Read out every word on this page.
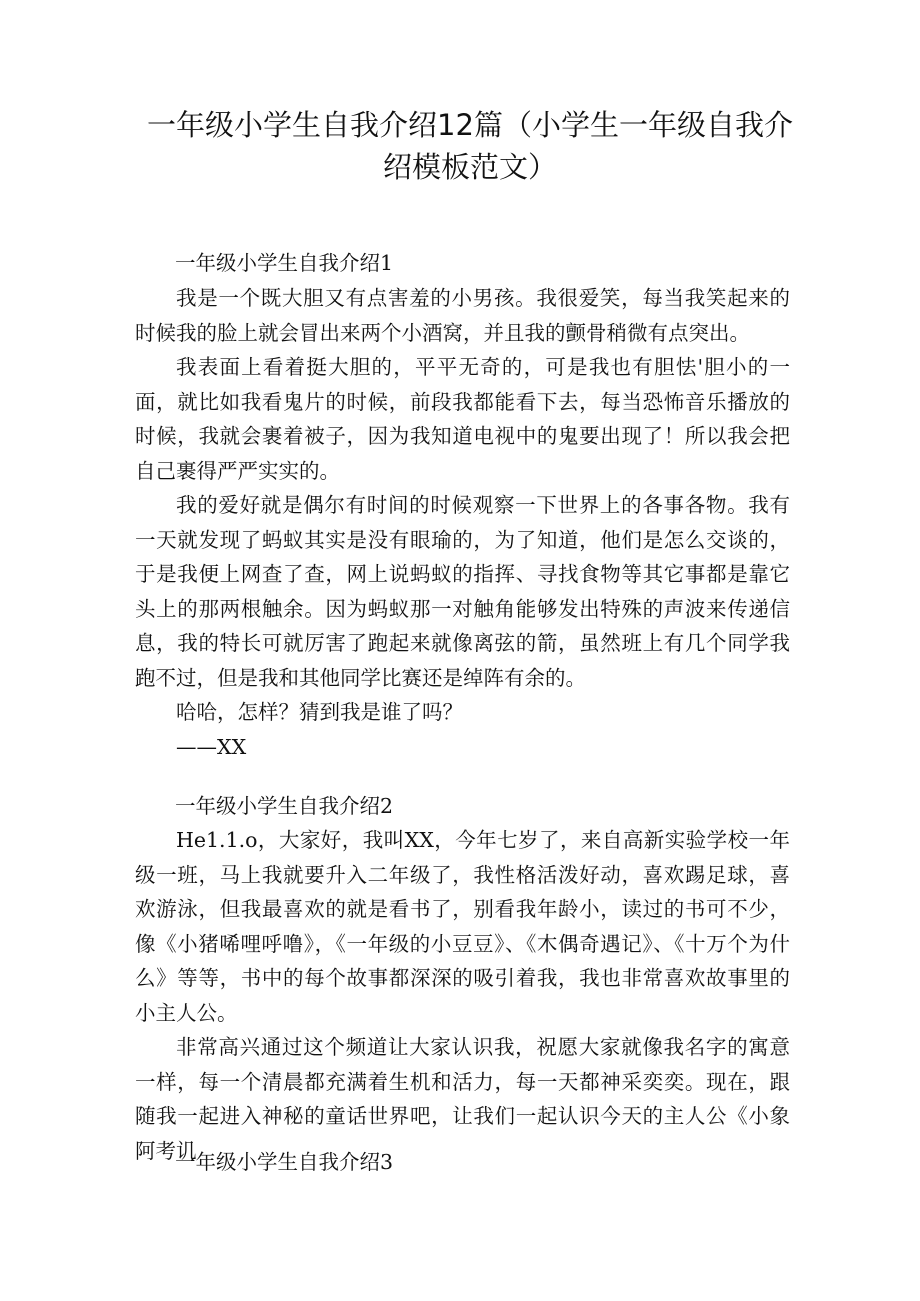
一年级小学生自我介绍12篇（小学生一年级自我介绍模板范文）
一年级小学生自我介绍1

我是一个既大胆又有点害羞的小男孩。我很爱笑，每当我笑起来的时候我的脸上就会冒出来两个小酒窝，并且我的颤骨稍微有点突出。

我表面上看着挺大胆的，平平无奇的，可是我也有胆怯'胆小的一面，就比如我看鬼片的时候，前段我都能看下去，每当恐怖音乐播放的时候，我就会裹着被子，因为我知道电视中的鬼要出现了！所以我会把自己裹得严严实实的。

我的爱好就是偶尔有时间的时候观察一下世界上的各事各物。我有一天就发现了蚂蚁其实是没有眼瑜的，为了知道，他们是怎么交谈的，于是我便上网查了查，网上说蚂蚁的指挥、寻找食物等其它事都是靠它头上的那两根触余。因为蚂蚁那一对触角能够发出特殊的声波来传递信息，我的特长可就厉害了跑起来就像离弦的箭，虽然班上有几个同学我跑不过，但是我和其他同学比赛还是绰阵有余的。

哈哈，怎样？猜到我是谁了吗？

——XX

一年级小学生自我介绍2

He1.1.o，大家好，我叫XX，今年七岁了，来自高新实验学校一年级一班，马上我就要升入二年级了，我性格活泼好动，喜欢踢足球，喜欢游泳，但我最喜欢的就是看书了，别看我年龄小，读过的书可不少，像《小猪唏哩呼噜》，《一年级的小豆豆》、《木偶奇遇记》、《十万个为什么》等等，书中的每个故事都深深的吸引着我，我也非常喜欢故事里的小主人公。

非常高兴通过这个频道让大家认识我，祝愿大家就像我名字的寓意一样，每一个清晨都充满着生机和活力，每一天都神采奕奕。现在，跟随我一起进入神秘的童话世界吧，让我们一起认识今天的主人公《小象阿考讥

一年级小学生自我介绍3
